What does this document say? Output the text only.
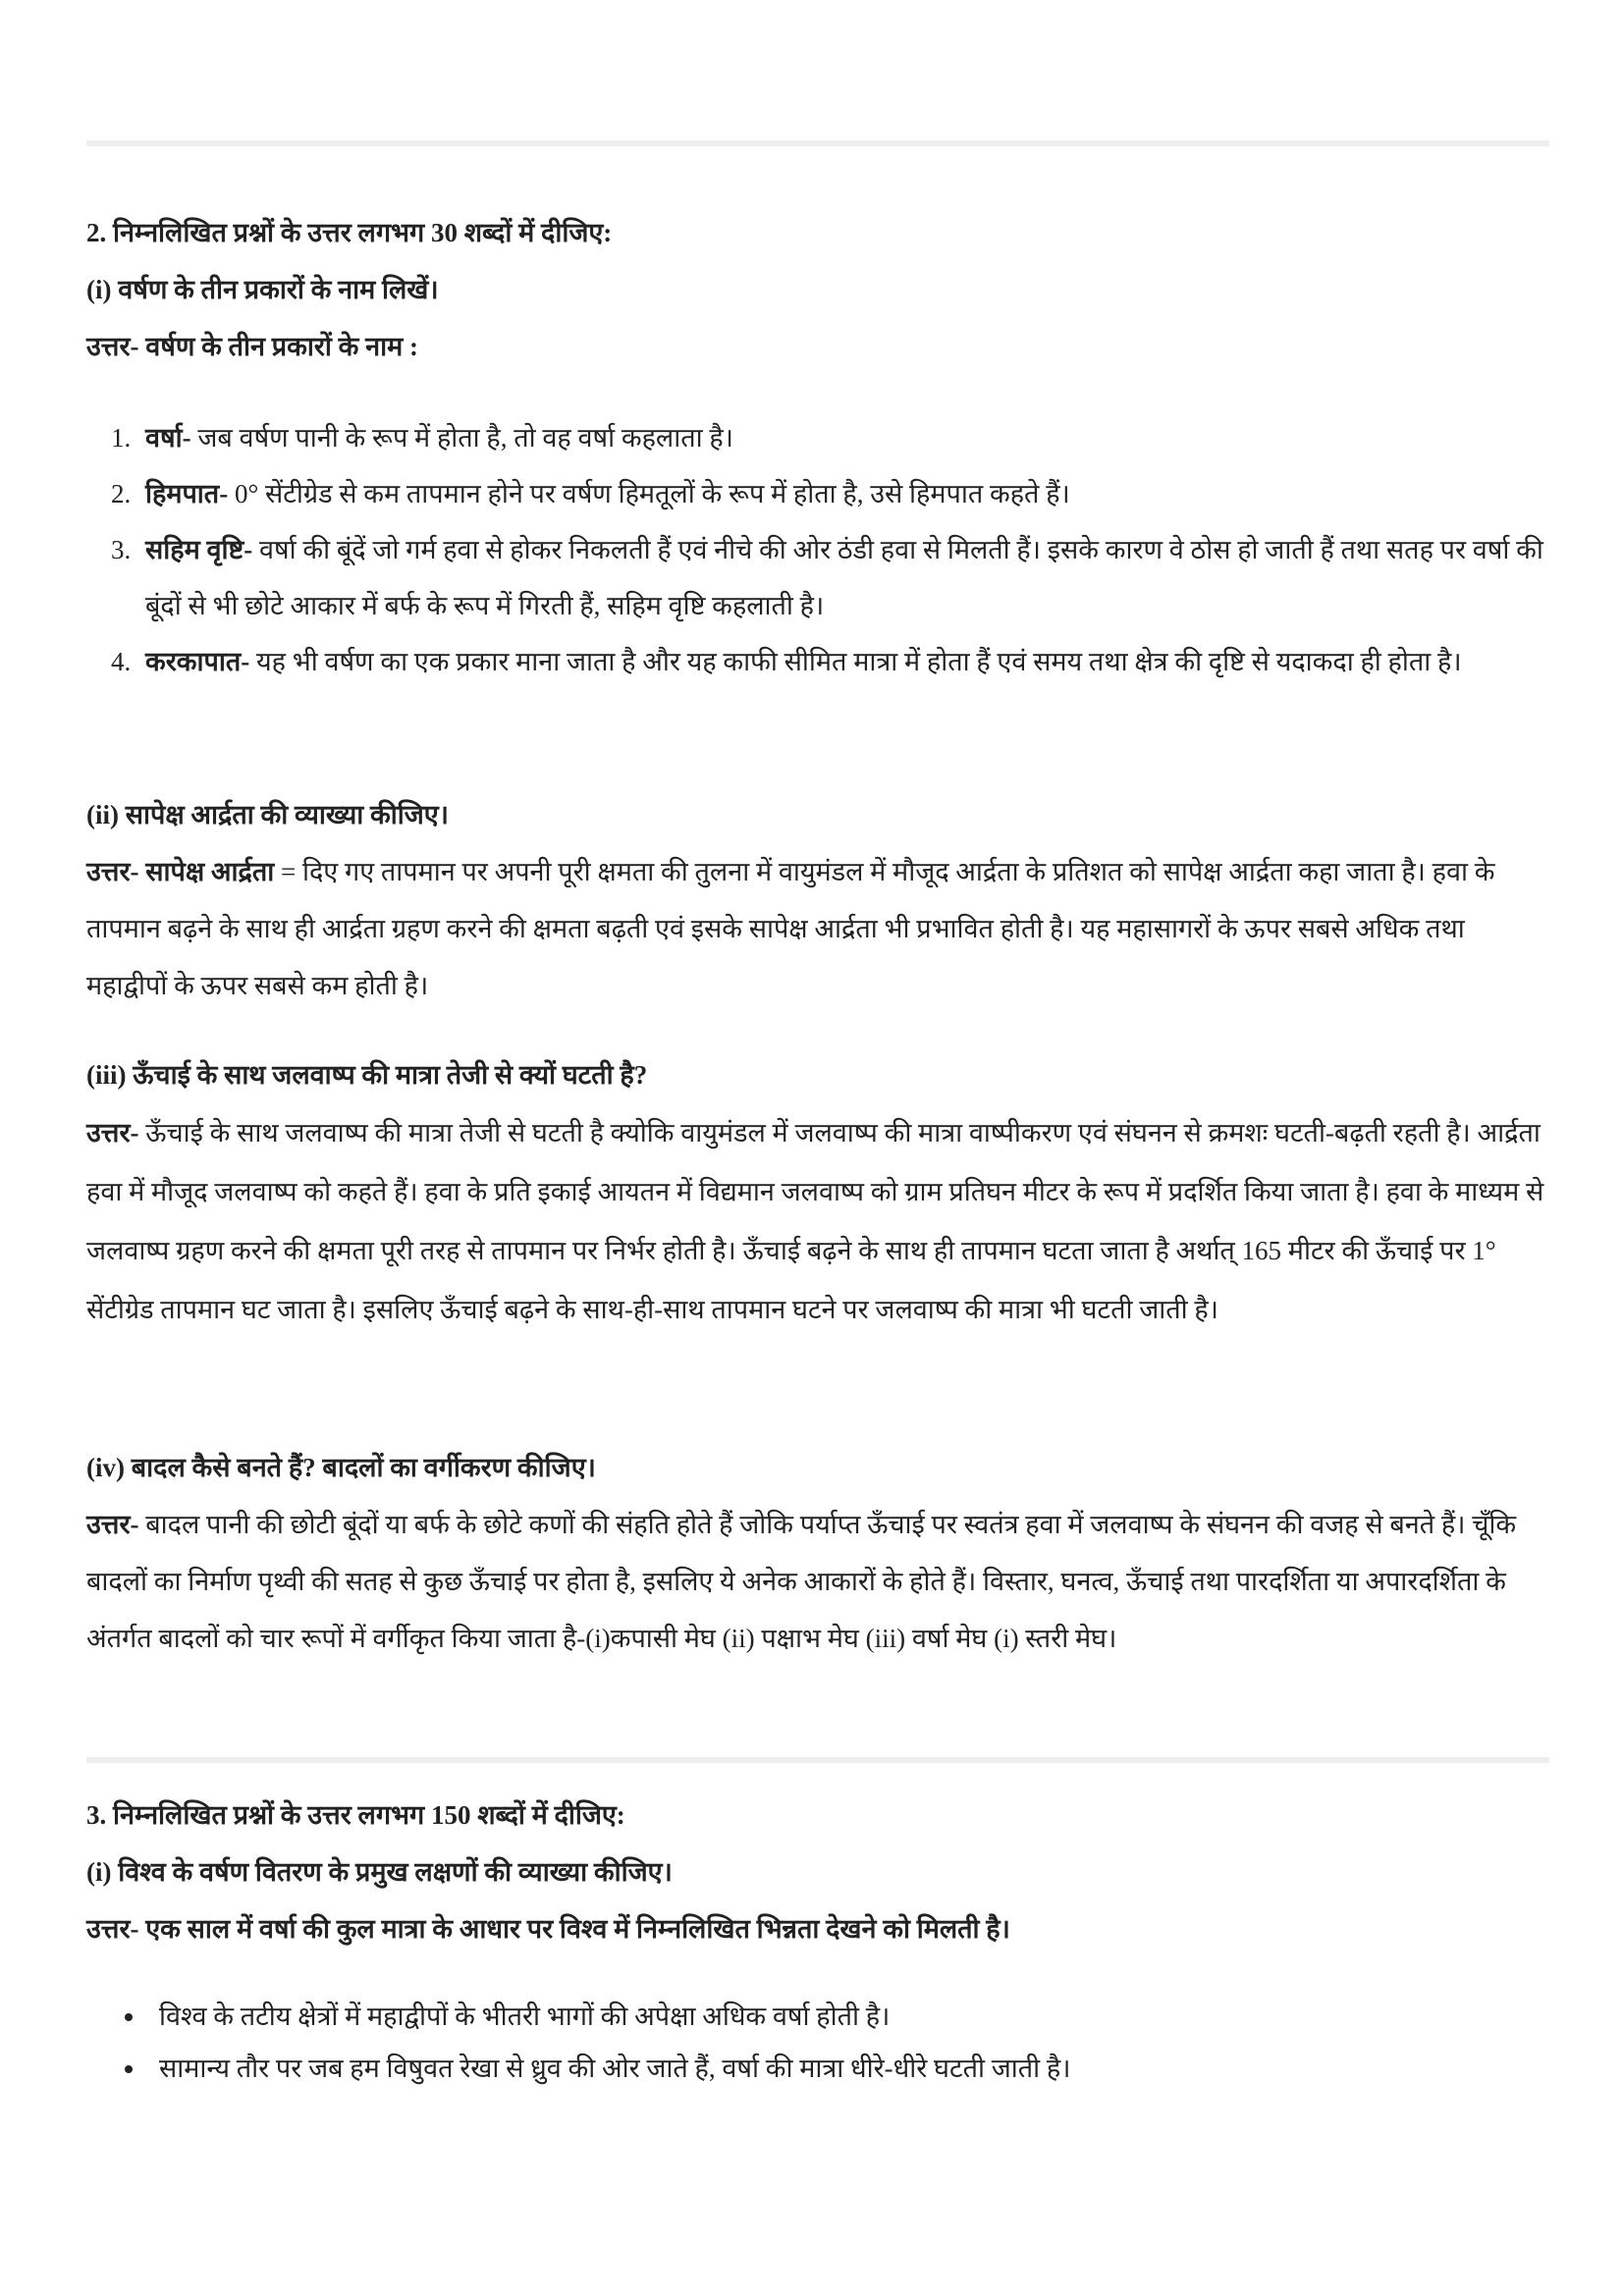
2. निम्नलिखित प्रश्नों के उत्तर लगभग 30 शब्दों में दीजिए:

(i) वर्षण के तीन प्रकारों के नाम लिखें।

उत्तर- वर्षण के तीन प्रकारों के नाम :

1. वर्षा- जब वर्षण पानी के रूप में होता है, तो वह वर्षा कहलाता है।
2. हिमपात- 0° सेंटीग्रेड से कम तापमान होने पर वर्षण हिमतूलों के रूप में होता है, उसे हिमपात कहते हैं।
3. सहिम वृष्टि- वर्षा की बूंदें जो गर्म हवा से होकर निकलती हैं एवं नीचे की ओर ठंडी हवा से मिलती हैं। इसके कारण वे ठोस हो जाती हैं तथा सतह पर वर्षा की बूंदों से भी छोटे आकार में बर्फ के रूप में गिरती हैं, सहिम वृष्टि कहलाती है।
4. करकापात- यह भी वर्षण का एक प्रकार माना जाता है और यह काफी सीमित मात्रा में होता हैं एवं समय तथा क्षेत्र की दृष्टि से यदाकदा ही होता है।

(ii) सापेक्ष आर्द्रता की व्याख्या कीजिए।

उत्तर- सापेक्ष आर्द्रता = दिए गए तापमान पर अपनी पूरी क्षमता की तुलना में वायुमंडल में मौजूद आर्द्रता के प्रतिशत को सापेक्ष आर्द्रता कहा जाता है। हवा के तापमान बढ़ने के साथ ही आर्द्रता ग्रहण करने की क्षमता बढ़ती एवं इसके सापेक्ष आर्द्रता भी प्रभावित होती है। यह महासागरों के ऊपर सबसे अधिक तथा महाद्वीपों के ऊपर सबसे कम होती है।

(iii) ऊँचाई के साथ जलवाष्प की मात्रा तेजी से क्यों घटती है?

उत्तर- ऊँचाई के साथ जलवाष्प की मात्रा तेजी से घटती है क्योकि वायुमंडल में जलवाष्प की मात्रा वाष्पीकरण एवं संघनन से क्रमशः घटती-बढ़ती रहती है। आर्द्रता हवा में मौजूद जलवाष्प को कहते हैं। हवा के प्रति इकाई आयतन में विद्यमान जलवाष्प को ग्राम प्रतिघन मीटर के रूप में प्रदर्शित किया जाता है। हवा के माध्यम से जलवाष्प ग्रहण करने की क्षमता पूरी तरह से तापमान पर निर्भर होती है। ऊँचाई बढ़ने के साथ ही तापमान घटता जाता है अर्थात् 165 मीटर की ऊँचाई पर 1° सेंटीग्रेड तापमान घट जाता है। इसलिए ऊँचाई बढ़ने के साथ-ही-साथ तापमान घटने पर जलवाष्प की मात्रा भी घटती जाती है।

(iv) बादल कैसे बनते हैं? बादलों का वर्गीकरण कीजिए।

उत्तर- बादल पानी की छोटी बूंदों या बर्फ के छोटे कणों की संहति होते हैं जोकि पर्याप्त ऊँचाई पर स्वतंत्र हवा में जलवाष्प के संघनन की वजह से बनते हैं। चूँकि बादलों का निर्माण पृथ्वी की सतह से कुछ ऊँचाई पर होता है, इसलिए ये अनेक आकारों के होते हैं। विस्तार, घनत्व, ऊँचाई तथा पारदर्शिता या अपारदर्शिता के अंतर्गत बादलों को चार रूपों में वर्गीकृत किया जाता है-(i)कपासी मेघ (ii) पक्षाभ मेघ (iii) वर्षा मेघ (i) स्तरी मेघ।

3. निम्नलिखित प्रश्नों के उत्तर लगभग 150 शब्दों में दीजिए:

(i) विश्व के वर्षण वितरण के प्रमुख लक्षणों की व्याख्या कीजिए।

उत्तर- एक साल में वर्षा की कुल मात्रा के आधार पर विश्व में निम्नलिखित भिन्नता देखने को मिलती है।

• विश्व के तटीय क्षेत्रों में महाद्वीपों के भीतरी भागों की अपेक्षा अधिक वर्षा होती है।
• सामान्य तौर पर जब हम विषुवत रेखा से ध्रुव की ओर जाते हैं, वर्षा की मात्रा धीरे-धीरे घटती जाती है।
